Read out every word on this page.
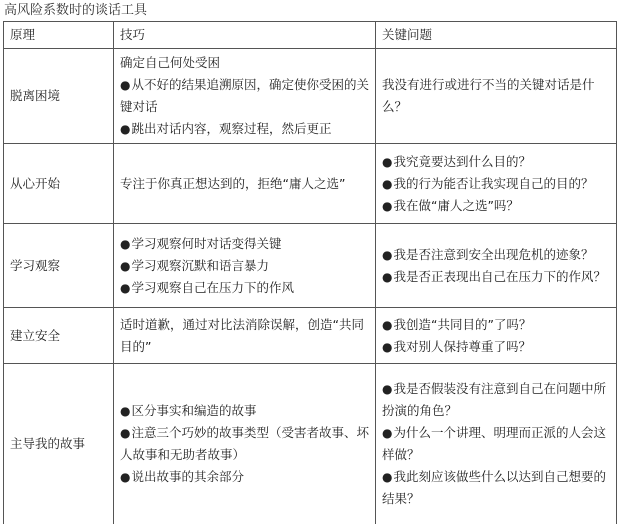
高风险系数时的谈话工具
原理	技巧	关键问题
脱离困境	确定自己何处受困
●从不好的结果追溯原因，确定使你受困的关键对话
●跳出对话内容，观察过程，然后更正	我没有进行或进行不当的关键对话是什么？

从心开始	专注于你真正想达到的，拒绝“庸人之选”	●我究竟要达到什么目的？
●我的行为能否让我实现自己的目的？
●我在做“庸人之选”吗？

学习观察	●学习观察何时对话变得关键
●学习观察沉默和语言暴力
●学习观察自己在压力下的作风	●我是否注意到安全出现危机的迹象？
●我是否正表现出自己在压力下的作风？

建立安全	适时道歉，通过对比法消除误解，创造“共同目的”	●我创造“共同目的”了吗？
●我对别人保持尊重了吗？

主导我的故事	●区分事实和编造的故事
●注意三个巧妙的故事类型（受害者故事、坏人故事和无助者故事）
●说出故事的其余部分	●我是否假装没有注意到自己在问题中所扮演的角色？
●为什么一个讲理、明理而正派的人会这样做？
●我此刻应该做些什么以达到自己想要的结果？
